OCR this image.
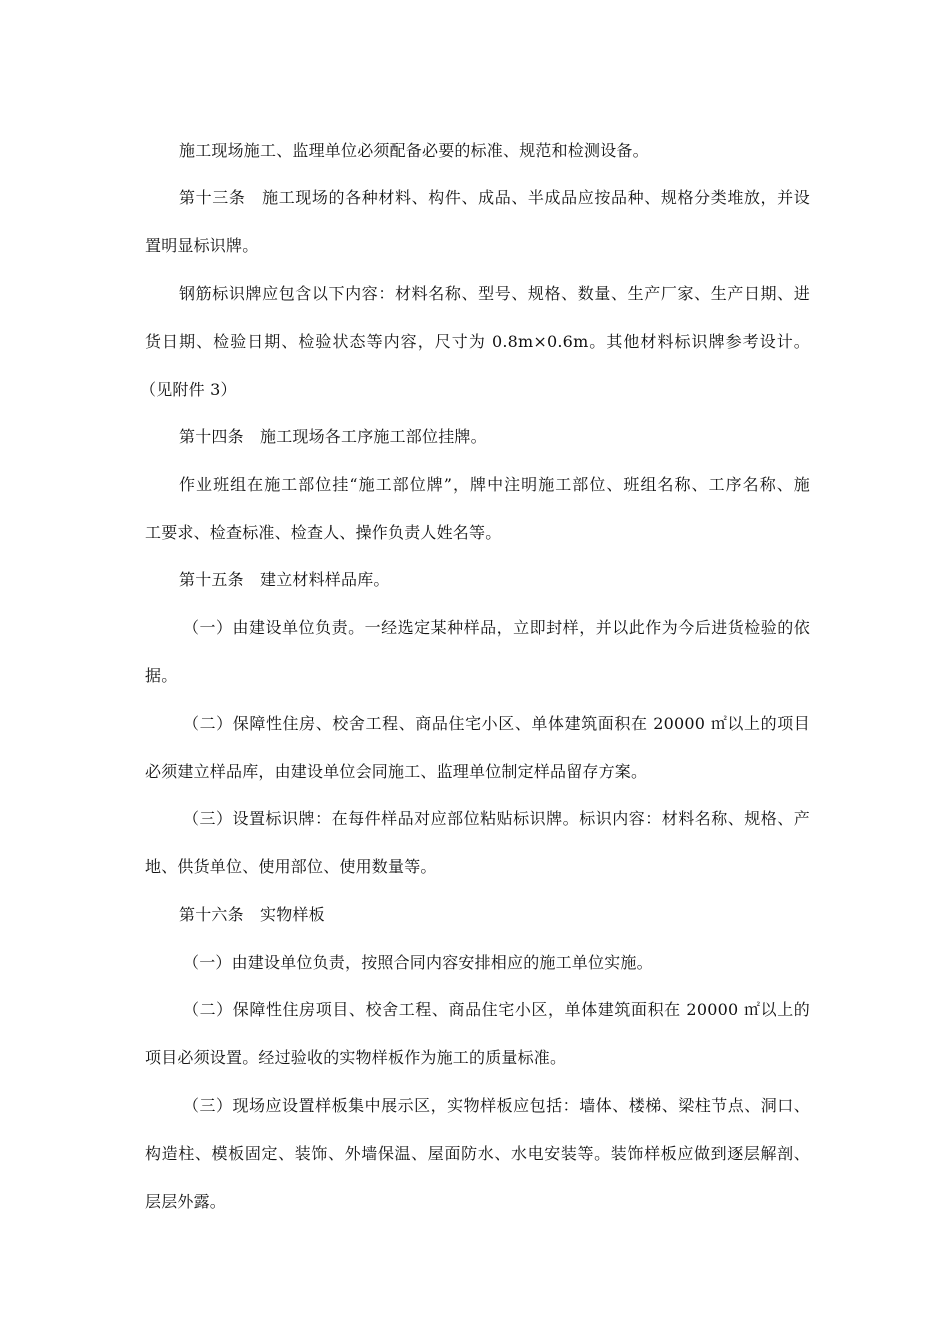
施工现场施工、监理单位必须配备必要的标准、规范和检测设备。
第十三条　施工现场的各种材料、构件、成品、半成品应按品种、规格分类堆放，并设
置明显标识牌。
钢筋标识牌应包含以下内容：材料名称、型号、规格、数量、生产厂家、生产日期、进
货日期、检验日期、检验状态等内容，尺寸为 0.8m×0.6m。其他材料标识牌参考设计。
（见附件 3）
第十四条　施工现场各工序施工部位挂牌。
作业班组在施工部位挂“施工部位牌”，牌中注明施工部位、班组名称、工序名称、施
工要求、检查标准、检查人、操作负责人姓名等。
第十五条　建立材料样品库。
（一）由建设单位负责。一经选定某种样品，立即封样，并以此作为今后进货检验的依
据。
（二）保障性住房、校舍工程、商品住宅小区、单体建筑面积在 20000 ㎡以上的项目
必须建立样品库，由建设单位会同施工、监理单位制定样品留存方案。
（三）设置标识牌：在每件样品对应部位粘贴标识牌。标识内容：材料名称、规格、产
地、供货单位、使用部位、使用数量等。
第十六条　实物样板
（一）由建设单位负责，按照合同内容安排相应的施工单位实施。
（二）保障性住房项目、校舍工程、商品住宅小区，单体建筑面积在 20000 ㎡以上的
项目必须设置。经过验收的实物样板作为施工的质量标准。
（三）现场应设置样板集中展示区，实物样板应包括：墙体、楼梯、梁柱节点、洞口、
构造柱、模板固定、装饰、外墙保温、屋面防水、水电安装等。装饰样板应做到逐层解剖、
层层外露。
